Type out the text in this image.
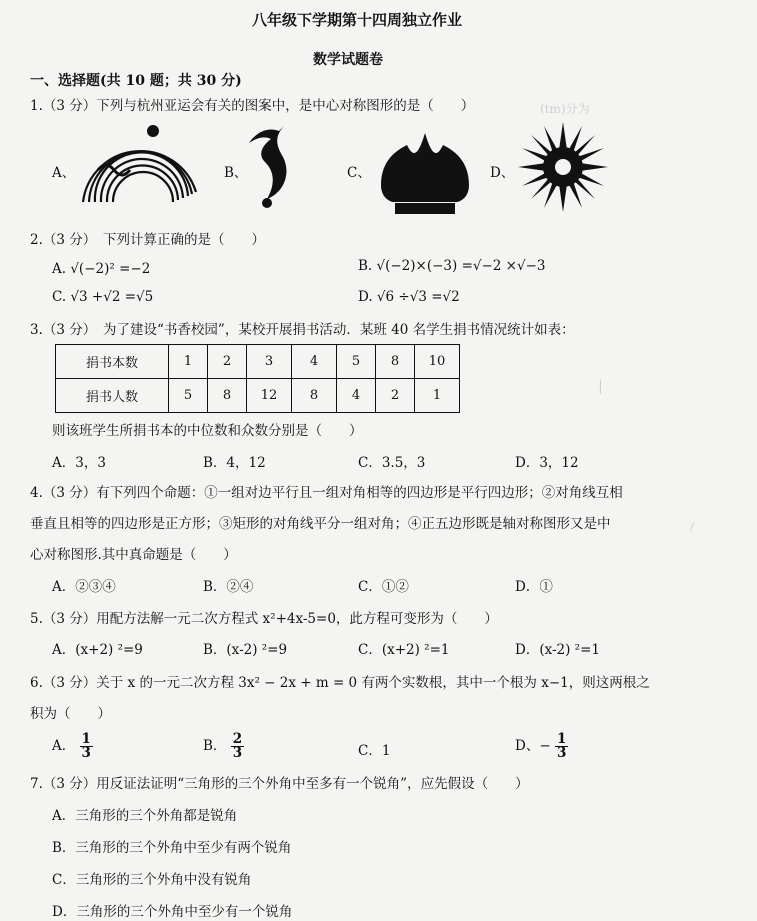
(tm)分为
▏
/
八年级下学期第十四周独立作业
数学试题卷
一、选择题(共 10 题；共 30 分)
1.（3 分）下列与杭州亚运会有关的图案中，是中心对称图形的是（　　）
A、	B、	C、	D、
2.（3 分）　下列计算正确的是（　　）
A. √(−2)² =−2	B. √(−2)×(−3) =√−2 ×√−3
C. √3 +√2 =√5	D. √6 ÷√3 =√2
3.（3 分）　为了建设“书香校园”，某校开展捐书活动．某班 40 名学生捐书情况统计如表：
捐书本数	1	2	3	4	5	8	10
捐书人数	5	8	12	8	4	2	1
则该班学生所捐书本的中位数和众数分别是（　　）
A．3，3	B．4，12	C．3.5，3	D．3，12
4.（3 分）有下列四个命题：①一组对边平行且一组对角相等的四边形是平行四边形；②对角线互相
垂直且相等的四边形是正方形；③矩形的对角线平分一组对角；④正五边形既是轴对称图形又是中
心对称图形.其中真命题是（　　）
A．②③④	B．②④	C．①②	D．①
5.（3 分）用配方法解一元二次方程式 x²+4x-5=0，此方程可变形为（　　）
A．(x+2) ²=9	B．(x-2) ²=9	C．(x+2) ²=1	D．(x-2) ²=1
6.（3 分）关于 x 的一元二次方程 3x² − 2x + m = 0 有两个实数根，其中一个根为 x−1，则这两根之
积为（　　）
A． $\frac{1}{3}$	B． $\frac{2}{3}$	C．1	D、− $\frac{1}{3}$
7.（3 分）用反证法证明“三角形的三个外角中至多有一个锐角”，应先假设（　　）
A．三角形的三个外角都是锐角
B．三角形的三个外角中至少有两个锐角
C．三角形的三个外角中没有锐角
D．三角形的三个外角中至少有一个锐角
